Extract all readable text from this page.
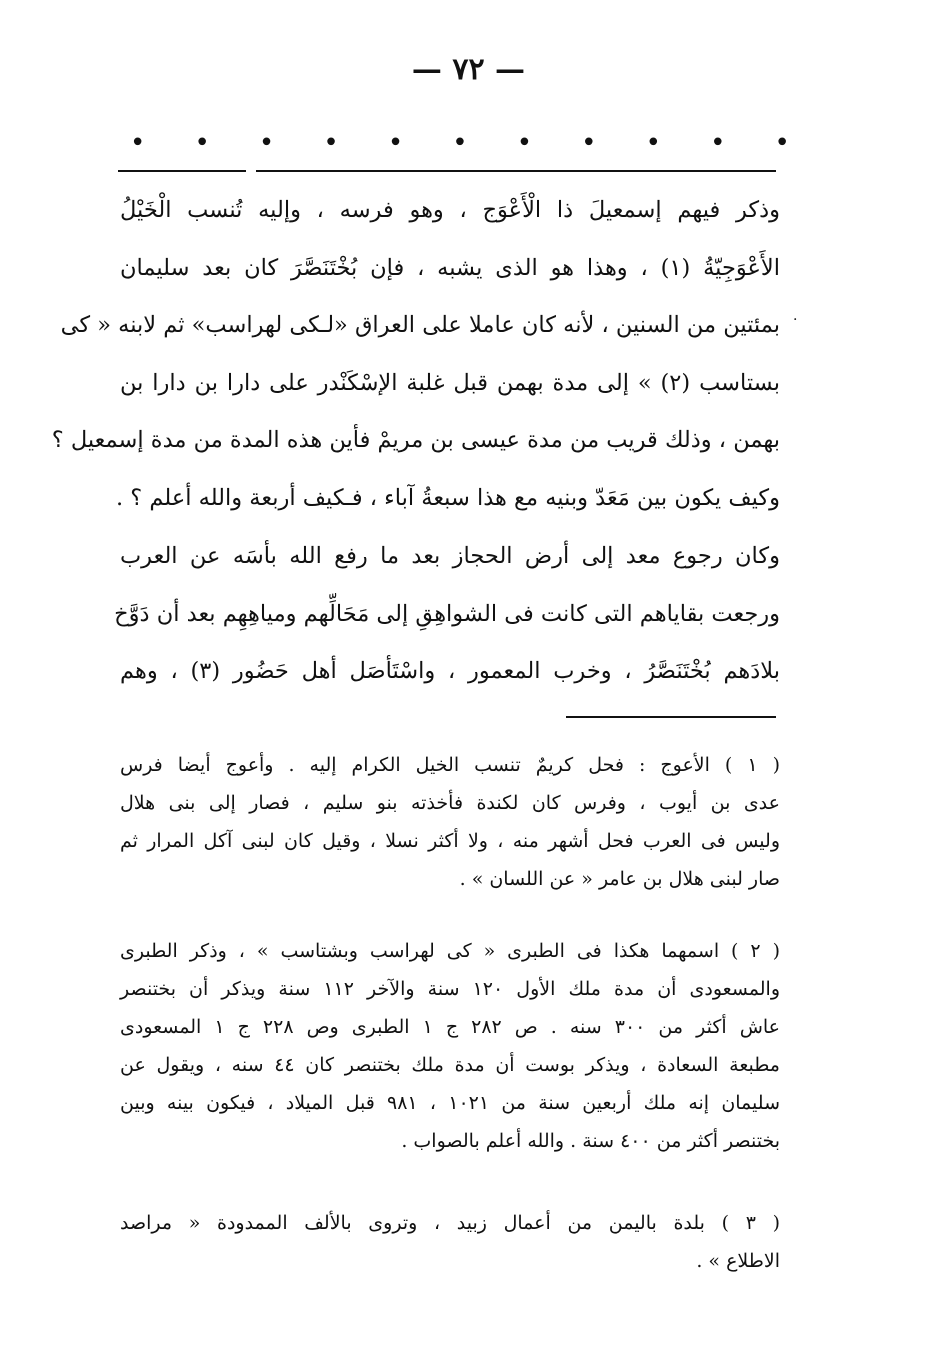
— ٧٢ —
• • • • • • • • • • •
·
وذكر فيهم إسمعيلَ ذا الْأَعْوَج ، وهو فرسه ، وإليه تُنسب الْخَيْلُ
الأَعْوَجِيّةُ (١) ، وهذا هو الذى يشبه ، فإن بُخْتَنَصَّرَ كان بعد سليمان
بمئتين من السنين ، لأنه كان عاملا على العراق «لـكى لهراسب» ثم لابنه « كى
بستاسب (٢) » إلى مدة بهمن قبل غلبة الإسْكَنْدر على دارا بن دارا بن
بهمن ، وذلك قريب من مدة عيسى بن مريمْ فأين هذه المدة من مدة إسمعيل ؟
وكيف يكون بين مَعَدّ وبنيه مع هذا سبعةُ آباء ، فـكيف أربعة والله أعلم ؟ .
وكان رجوع معد إلى أرض الحجاز بعد ما رفع الله بأسَه عن العرب
ورجعت بقاياهم التى كانت فى الشواهِقِ إلى مَحَالِّهم ومياهِهِم بعد أن دَوَّخ
بلادَهم بُخْتَنَصَّرُ ، وخرب المعمور ، واسْتَأصَل أهل حَضُور (٣) ، وهم
( ١ ) الأعوج : فحل كريمٌ تنسب الخيل الكرام إليه . وأعوج أيضا فرس
عدى بن أيوب ، وفرس كان لكندة فأخذته بنو سليم ، فصار إلى بنى هلال
وليس فى العرب فحل أشهر منه ، ولا أكثر نسلا ، وقيل كان لبنى آكل المرار ثم
صار لبنى هلال بن عامر « عن اللسان » .
( ٢ ) اسمهما هكذا فى الطبرى « كى لهراسب وبشتاسب » ، وذكر الطبرى
والمسعودى أن مدة ملك الأول ١٢٠ سنة والآخر ١١٢ سنة ويذكر أن بختنصر
عاش أكثر من ٣٠٠ سنه . ص ٢٨٢ ج ١ الطبرى وص ٢٢٨ ج ١ المسعودى
مطبعة السعادة ، ويذكر بوست أن مدة ملك بختنصر كان ٤٤ سنه ، ويقول عن
سليمان إنه ملك أربعين سنة من ١٠٢١ ، ٩٨١ قبل الميلاد ، فيكون بينه وبين
بختنصر أكثر من ٤٠٠ سنة . والله أعلم بالصواب .
( ٣ ) بلدة باليمن من أعمال زبيد ، وتروى بالألف الممدودة « مراصد
الاطلاع » .
